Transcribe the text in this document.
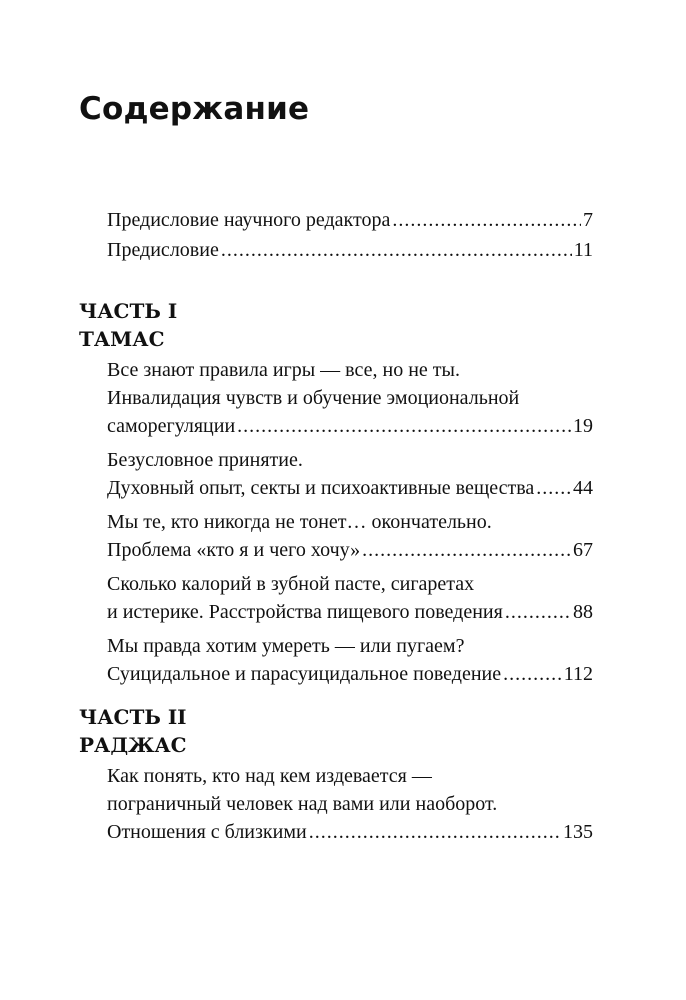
Содержание
Предисловие научного редактора .....	7
Предисловие .....	11
ЧАСТЬ I
ТАМАС
Все знают правила игры — все, но не ты.
Инвалидация чувств и обучение эмоциональной
саморегуляции .....	19
Безусловное принятие.
Духовный опыт, секты и психоактивные вещества ..... 44
Мы те, кто никогда не тонет… окончательно.
Проблема «кто я и чего хочу» .....	67
Сколько калорий в зубной пасте, сигаретах
и истерике. Расстройства пищевого поведения .....	88
Мы правда хотим умереть — или пугаем?
Суицидальное и парасуицидальное поведение .....	112
ЧАСТЬ II
РАДЖАС
Как понять, кто над кем издевается —
пограничный человек над вами или наоборот.
Отношения с близкими .....	135
